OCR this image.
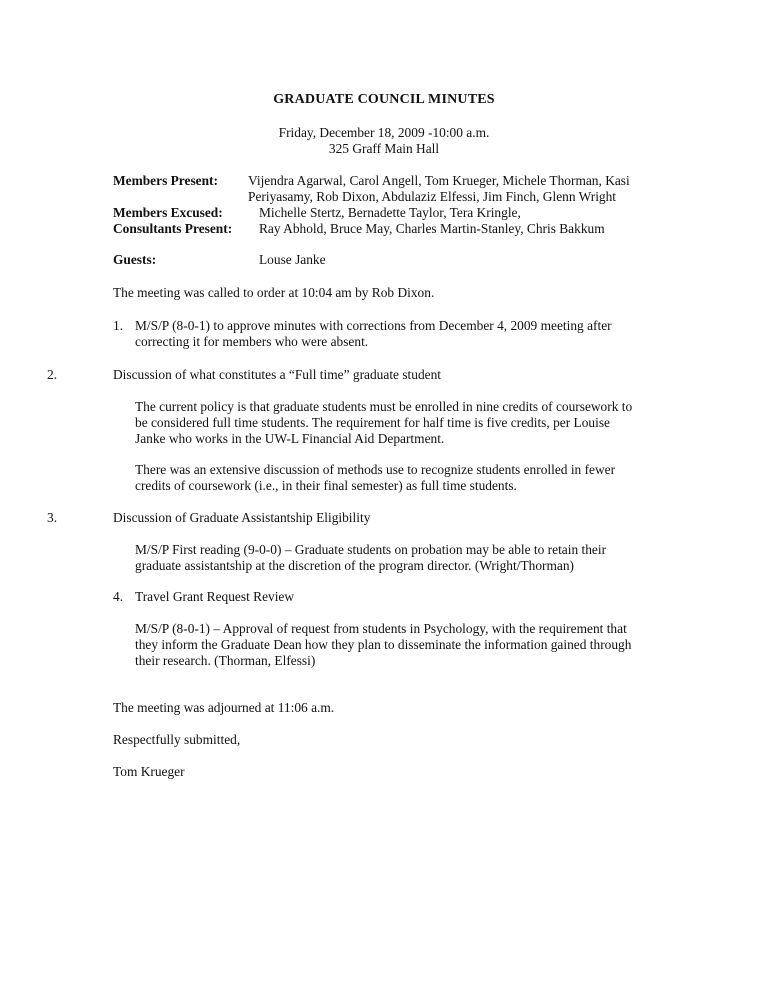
GRADUATE COUNCIL MINUTES
Friday, December 18, 2009 -10:00 a.m.
325 Graff Main Hall
Members Present: Vijendra Agarwal, Carol Angell, Tom Krueger, Michele Thorman, Kasi
Periyasamy, Rob Dixon, Abdulaziz Elfessi, Jim Finch, Glenn Wright
Members Excused:	Michelle Stertz, Bernadette Taylor, Tera Kringle,
Consultants Present: Ray Abhold, Bruce May, Charles Martin-Stanley, Chris Bakkum
Guests:	Louse Janke
The meeting was called to order at 10:04 am by Rob Dixon.
1. M/S/P (8-0-1) to approve minutes with corrections from December 4, 2009 meeting after
correcting it for members who were absent.
2.	Discussion of what constitutes a “Full time” graduate student
The current policy is that graduate students must be enrolled in nine credits of coursework to
be considered full time students. The requirement for half time is five credits, per Louise
Janke who works in the UW-L Financial Aid Department.
There was an extensive discussion of methods use to recognize students enrolled in fewer
credits of coursework (i.e., in their final semester) as full time students.
3.	Discussion of Graduate Assistantship Eligibility
M/S/P First reading (9-0-0) – Graduate students on probation may be able to retain their
graduate assistantship at the discretion of the program director. (Wright/Thorman)
4. Travel Grant Request Review
M/S/P (8-0-1) – Approval of request from students in Psychology, with the requirement that
they inform the Graduate Dean how they plan to disseminate the information gained through
their research. (Thorman, Elfessi)
The meeting was adjourned at 11:06 a.m.
Respectfully submitted,
Tom Krueger
